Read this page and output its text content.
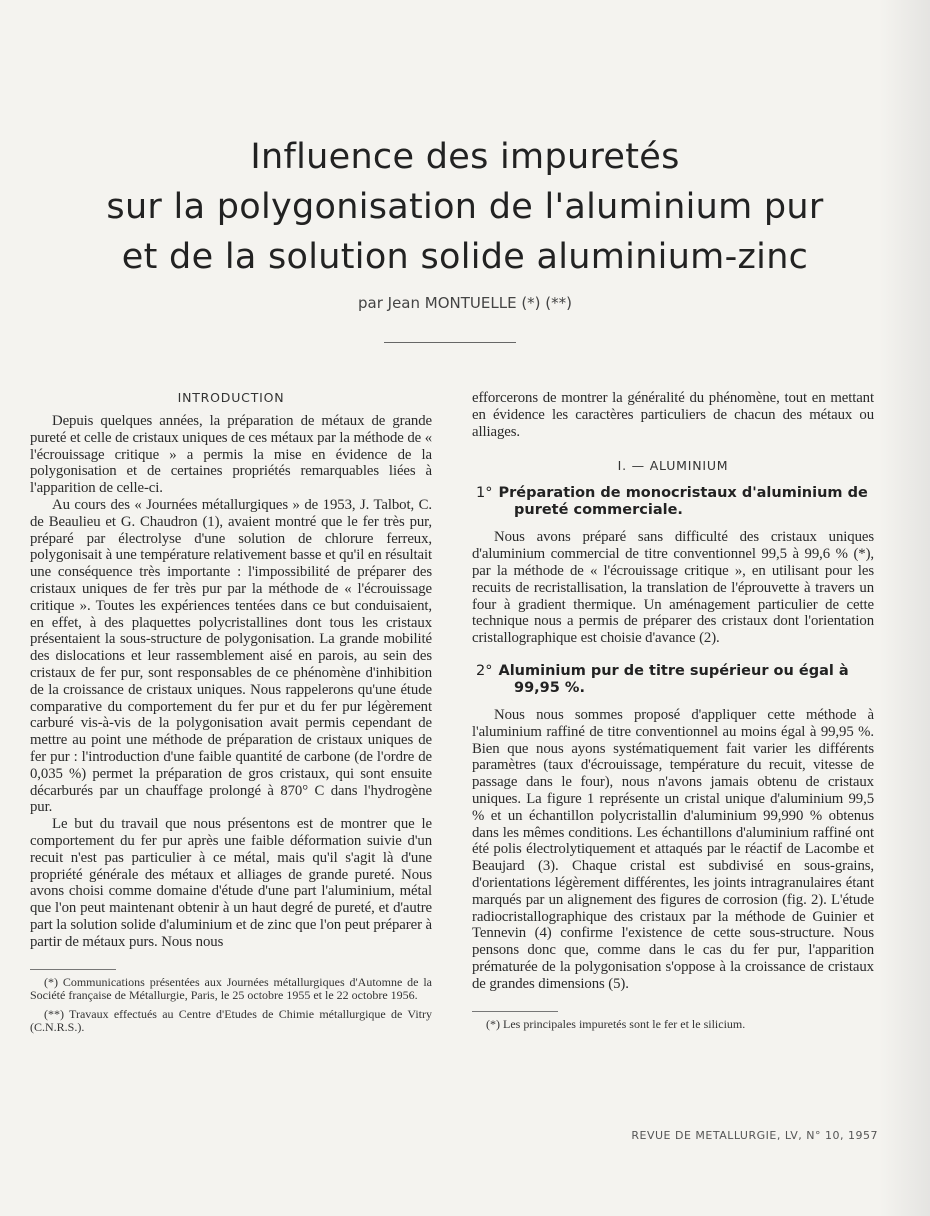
Influence des impuretés
sur la polygonisation de l'aluminium pur
et de la solution solide aluminium-zinc
par Jean MONTUELLE (*) (**)
INTRODUCTION

Depuis quelques années, la préparation de métaux de grande pureté et celle de cristaux uniques de ces métaux par la méthode de « l'écrouissage critique » a permis la mise en évidence de la polygonisation et de certaines propriétés remarquables liées à l'apparition de celle-ci.

Au cours des « Journées métallurgiques » de 1953, J. Talbot, C. de Beaulieu et G. Chaudron (1), avaient montré que le fer très pur, préparé par électrolyse d'une solution de chlorure ferreux, polygonisait à une température relativement basse et qu'il en résultait une conséquence très importante : l'impossibilité de préparer des cristaux uniques de fer très pur par la méthode de « l'écrouissage critique ». Toutes les expériences tentées dans ce but conduisaient, en effet, à des plaquettes polycristallines dont tous les cristaux présentaient la sous-structure de polygonisation. La grande mobilité des dislocations et leur rassemblement aisé en parois, au sein des cristaux de fer pur, sont responsables de ce phénomène d'inhibition de la croissance de cristaux uniques. Nous rappelerons qu'une étude comparative du comportement du fer pur et du fer pur légèrement carburé vis-à-vis de la polygonisation avait permis cependant de mettre au point une méthode de préparation de cristaux uniques de fer pur : l'introduction d'une faible quantité de carbone (de l'ordre de 0,035 %) permet la préparation de gros cristaux, qui sont ensuite décarburés par un chauffage prolongé à 870° C dans l'hydrogène pur.

Le but du travail que nous présentons est de montrer que le comportement du fer pur après une faible déformation suivie d'un recuit n'est pas particulier à ce métal, mais qu'il s'agit là d'une propriété générale des métaux et alliages de grande pureté. Nous avons choisi comme domaine d'étude d'une part l'aluminium, métal que l'on peut maintenant obtenir à un haut degré de pureté, et d'autre part la solution solide d'aluminium et de zinc que l'on peut préparer à partir de métaux purs. Nous nous

(*) Communications présentées aux Journées métallurgiques d'Automne de la Société française de Métallurgie, Paris, le 25 octobre 1955 et le 22 octobre 1956.

(**) Travaux effectués au Centre d'Etudes de Chimie métallurgique de Vitry (C.N.R.S.).

efforcerons de montrer la généralité du phénomène, tout en mettant en évidence les caractères particuliers de chacun des métaux ou alliages.

I. — ALUMINIUM
1° Préparation de monocristaux d'aluminium de pureté commerciale.

Nous avons préparé sans difficulté des cristaux uniques d'aluminium commercial de titre conventionnel 99,5 à 99,6 % (*), par la méthode de « l'écrouissage critique », en utilisant pour les recuits de recristallisation, la translation de l'éprouvette à travers un four à gradient thermique. Un aménagement particulier de cette technique nous a permis de préparer des cristaux dont l'orientation cristallographique est choisie d'avance (2).

2° Aluminium pur de titre supérieur ou égal à 99,95 %.

Nous nous sommes proposé d'appliquer cette méthode à l'aluminium raffiné de titre conventionnel au moins égal à 99,95 %. Bien que nous ayons systématiquement fait varier les différents paramètres (taux d'écrouissage, température du recuit, vitesse de passage dans le four), nous n'avons jamais obtenu de cristaux uniques. La figure 1 représente un cristal unique d'aluminium 99,5 % et un échantillon polycristallin d'aluminium 99,990 % obtenus dans les mêmes conditions. Les échantillons d'aluminium raffiné ont été polis électrolytiquement et attaqués par le réactif de Lacombe et Beaujard (3). Chaque cristal est subdivisé en sous-grains, d'orientations légèrement différentes, les joints intragranulaires étant marqués par un alignement des figures de corrosion (fig. 2). L'étude radiocristallographique des cristaux par la méthode de Guinier et Tennevin (4) confirme l'existence de cette sous-structure. Nous pensons donc que, comme dans le cas du fer pur, l'apparition prématurée de la polygonisation s'oppose à la croissance de cristaux de grandes dimensions (5).

(*) Les principales impuretés sont le fer et le silicium.

REVUE DE METALLURGIE, LV, N° 10, 1957
